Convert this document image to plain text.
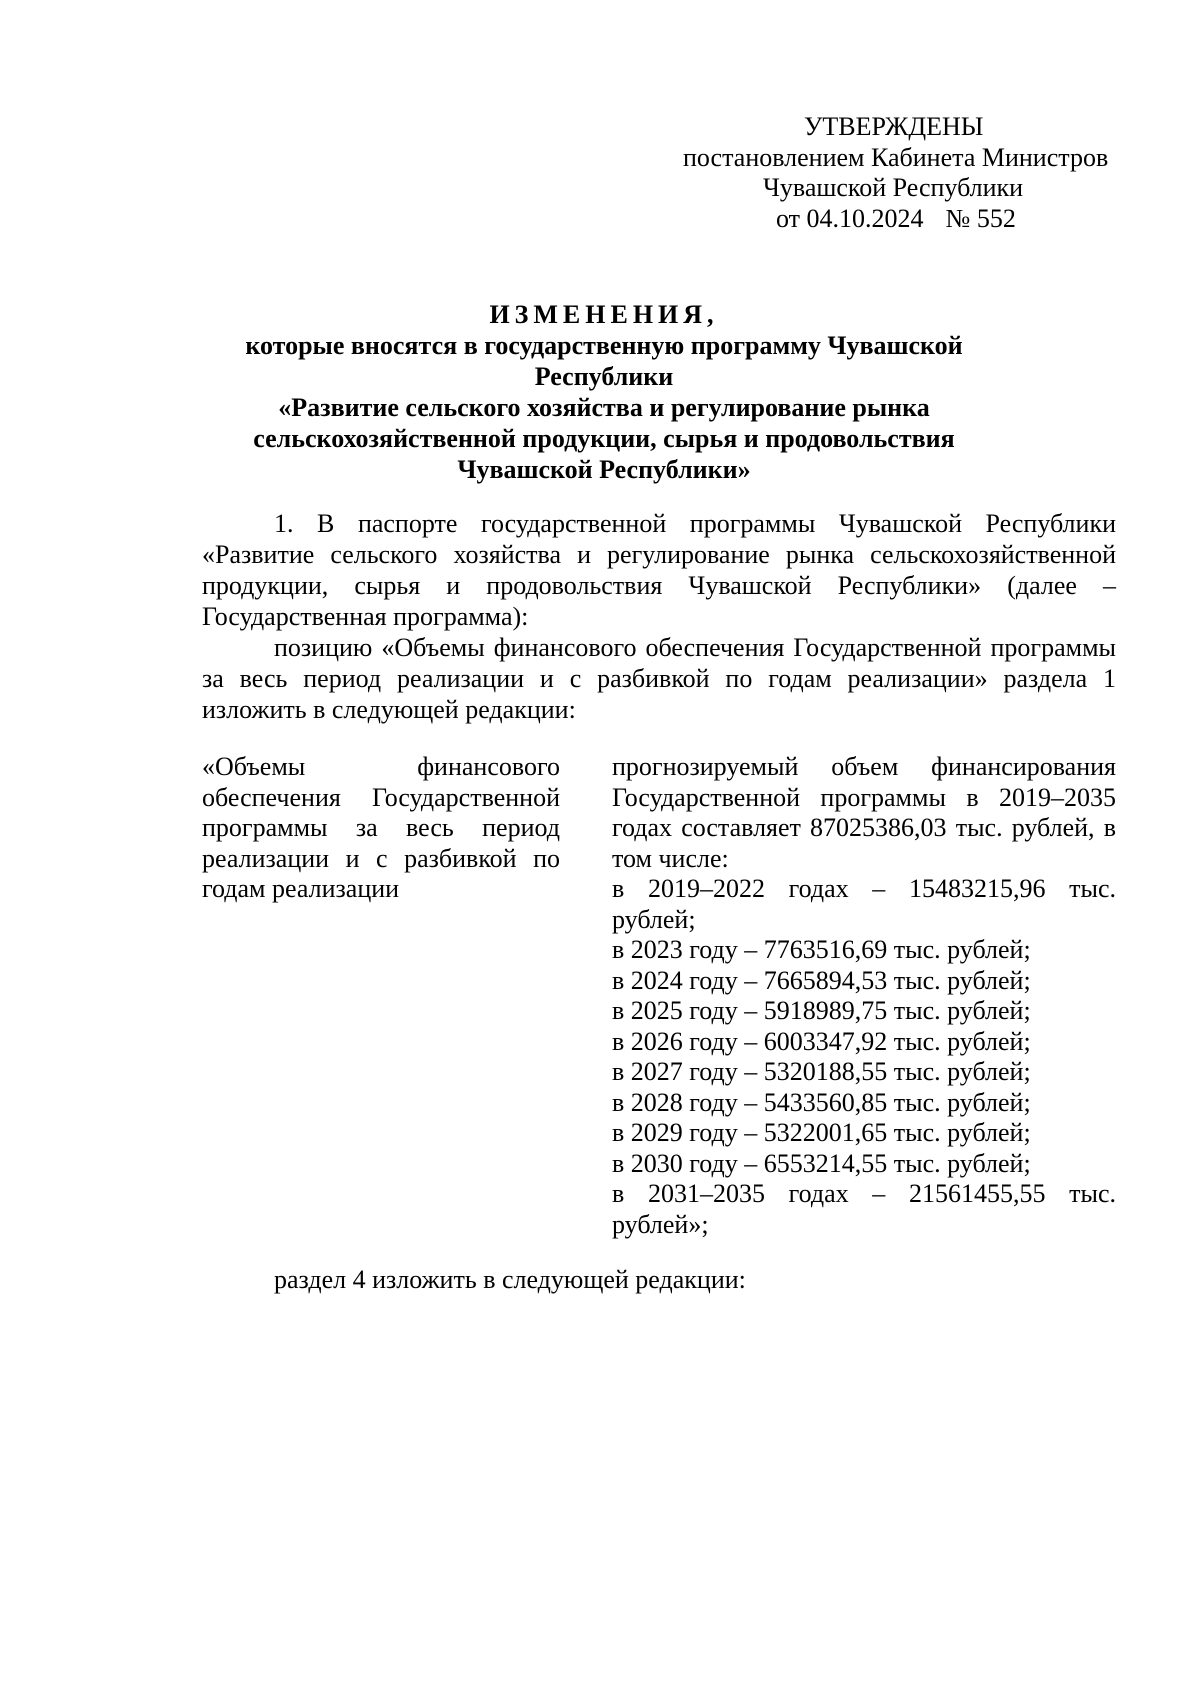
УТВЕРЖДЕНЫ
постановлением Кабинета Министров
Чувашской Республики
от 04.10.2024 № 552
ИЗМЕНЕНИЯ,
которые вносятся в государственную программу Чувашской Республики
«Развитие сельского хозяйства и регулирование рынка
сельскохозяйственной продукции, сырья и продовольствия
Чувашской Республики»

1. В паспорте государственной программы Чувашской Республики «Развитие сельского хозяйства и регулирование рынка сельскохозяйственной продукции, сырья и продовольствия Чувашской Республики» (далее – Государственная программа):

позицию «Объемы финансового обеспечения Государственной программы за весь период реализации и с разбивкой по годам реализации» раздела 1 изложить в следующей редакции:

«Объемы финансового обеспечения Государственной программы за весь период реализации и с разбивкой по годам реализации

прогнозируемый объем финансирования Государственной программы в 2019–2035 годах составляет 87025386,03 тыс. рублей, в том числе:

в 2019–2022 годах – 15483215,96 тыс. рублей;

в 2023 году – 7763516,69 тыс. рублей;

в 2024 году – 7665894,53 тыс. рублей;

в 2025 году – 5918989,75 тыс. рублей;

в 2026 году – 6003347,92 тыс. рублей;

в 2027 году – 5320188,55 тыс. рублей;

в 2028 году – 5433560,85 тыс. рублей;

в 2029 году – 5322001,65 тыс. рублей;

в 2030 году – 6553214,55 тыс. рублей;

в 2031–2035 годах – 21561455,55 тыс. рублей»;

раздел 4 изложить в следующей редакции:
